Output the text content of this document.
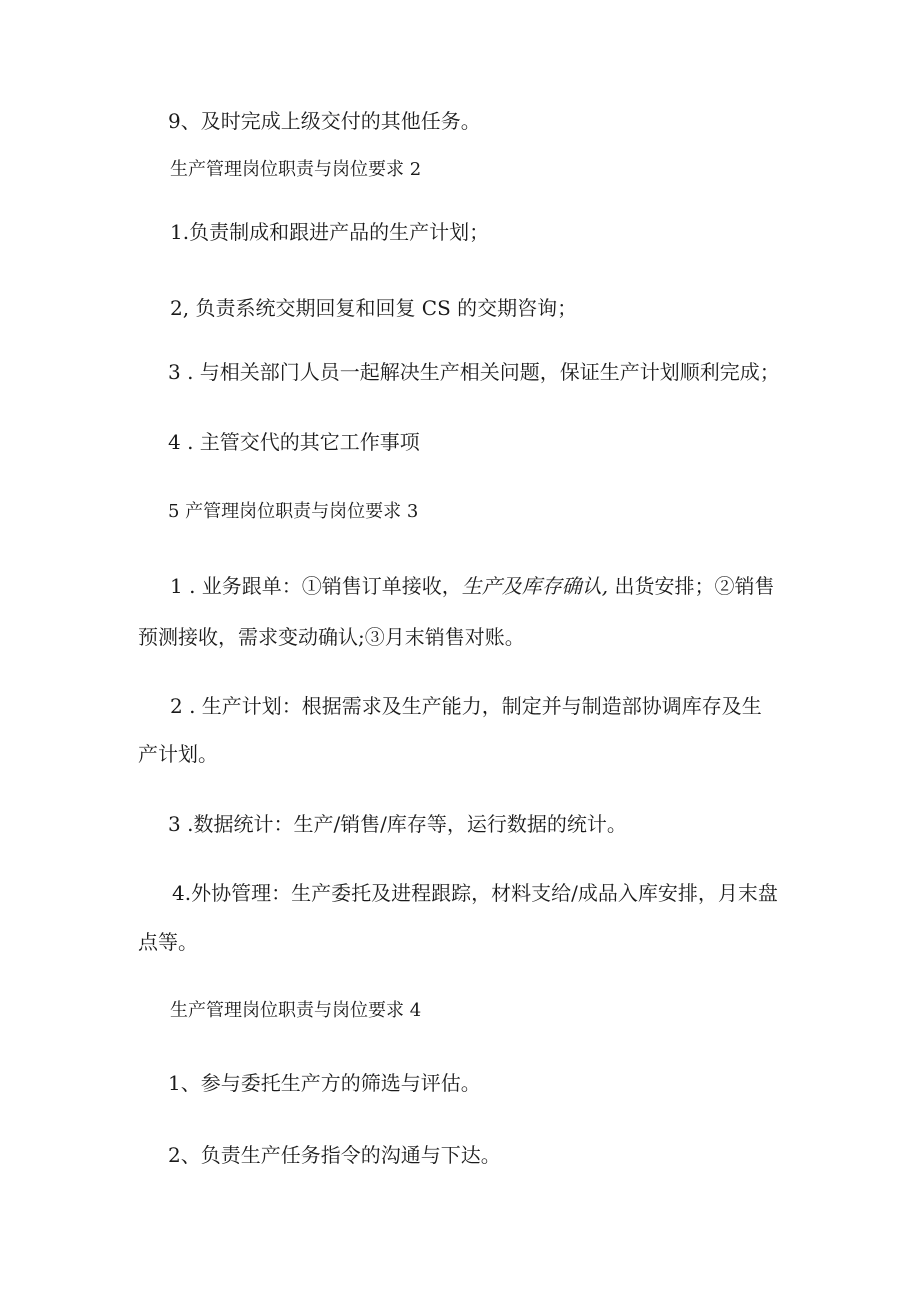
9、及时完成上级交付的其他任务。

生产管理岗位职责与岗位要求 2

1.负责制成和跟进产品的生产计划；

2, 负责系统交期回复和回复 CS 的交期咨询；

3 . 与相关部门人员一起解决生产相关问题，保证生产计划顺利完成；

4 . 主管交代的其它工作事项

5 产管理岗位职责与岗位要求 3

1 . 业务跟单：①销售订单接收，生产及库存确认, 出货安排；②销售

预测接收，需求变动确认;③月末销售对账。

2 . 生产计划：根据需求及生产能力，制定并与制造部协调库存及生

产计划。

3 .数据统计：生产/销售/库存等，运行数据的统计。

4.外协管理：生产委托及进程跟踪，材料支给/成品入库安排，月末盘

点等。

生产管理岗位职责与岗位要求 4

1、参与委托生产方的筛选与评估。

2、负责生产任务指令的沟通与下达。
